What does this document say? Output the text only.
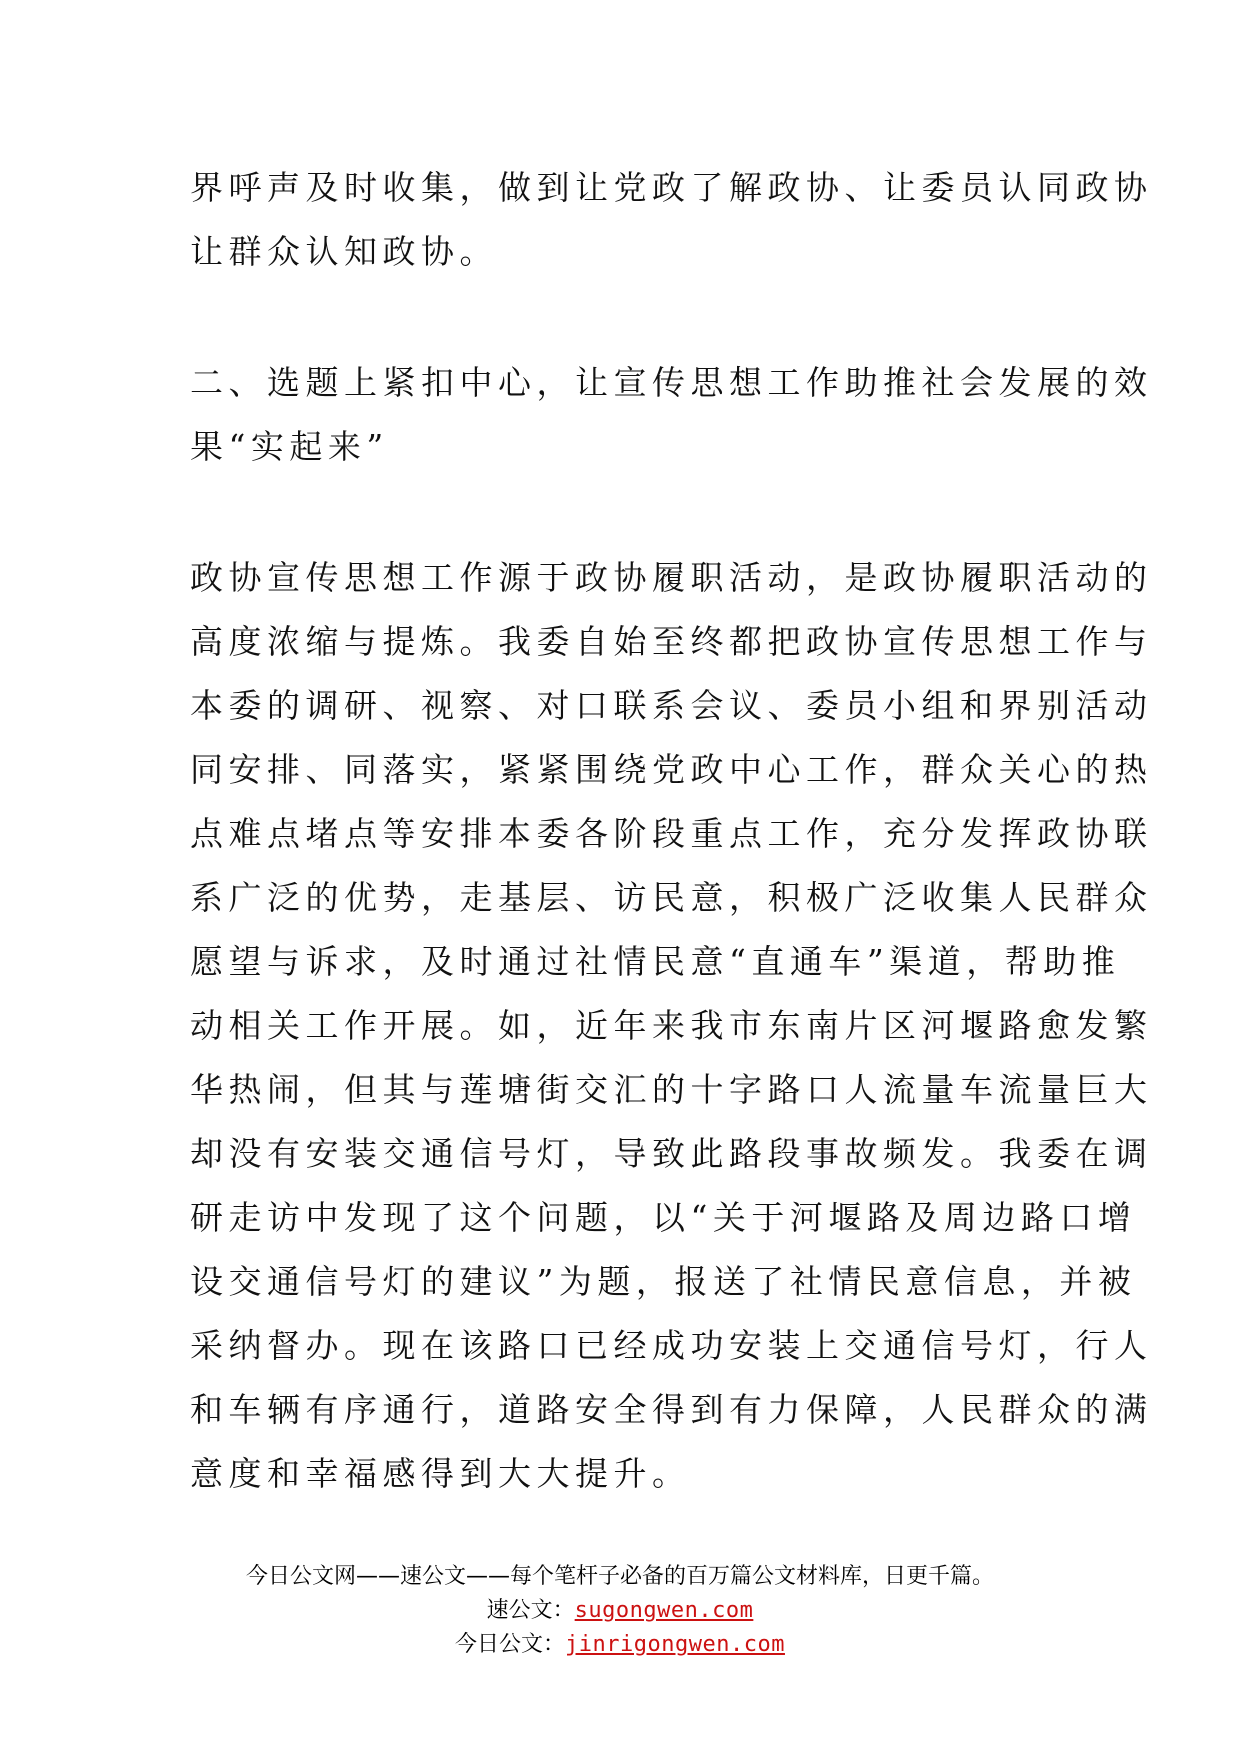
界呼声及时收集，做到让党政了解政协、让委员认同政协
让群众认知政协。
二、选题上紧扣中心，让宣传思想工作助推社会发展的效
果“实起来”
政协宣传思想工作源于政协履职活动，是政协履职活动的
高度浓缩与提炼。我委自始至终都把政协宣传思想工作与
本委的调研、视察、对口联系会议、委员小组和界别活动
同安排、同落实，紧紧围绕党政中心工作，群众关心的热
点难点堵点等安排本委各阶段重点工作，充分发挥政协联
系广泛的优势，走基层、访民意，积极广泛收集人民群众
愿望与诉求，及时通过社情民意“直通车”渠道，帮助推
动相关工作开展。如，近年来我市东南片区河堰路愈发繁
华热闹，但其与莲塘街交汇的十字路口人流量车流量巨大
却没有安装交通信号灯，导致此路段事故频发。我委在调
研走访中发现了这个问题，以“关于河堰路及周边路口增
设交通信号灯的建议”为题，报送了社情民意信息，并被
采纳督办。现在该路口已经成功安装上交通信号灯，行人
和车辆有序通行，道路安全得到有力保障，人民群众的满
意度和幸福感得到大大提升。
今日公文网——速公文——每个笔杆子必备的百万篇公文材料库，日更千篇。
速公文：sugongwen.com
今日公文：jinrigongwen.com
